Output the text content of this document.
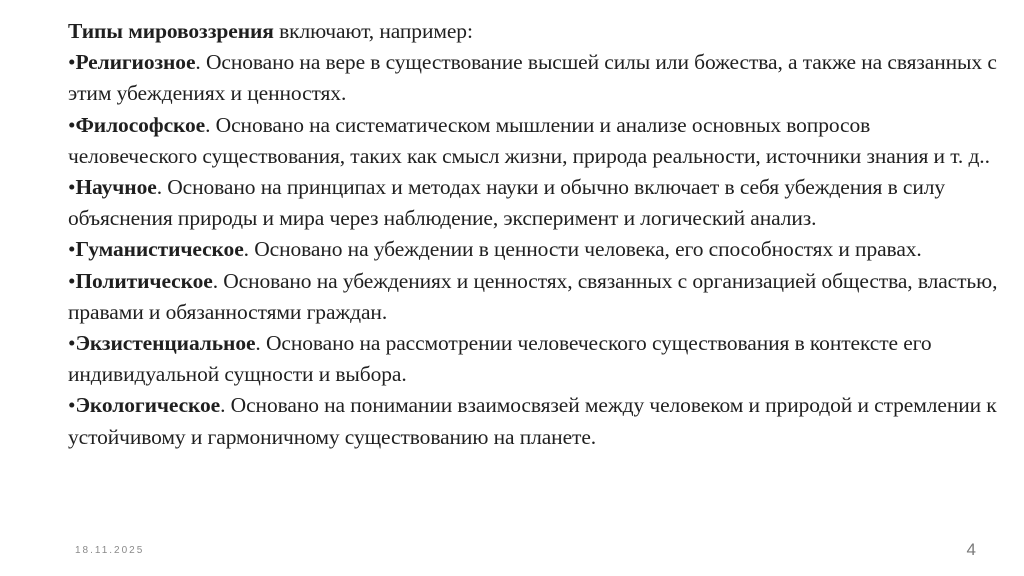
Типы мировоззрения включают, например:

•Религиозное. Основано на вере в существование высшей силы или божества, а также на связанных с этим убеждениях и ценностях.

•Философское. Основано на систематическом мышлении и анализе основных вопросов человеческого существования, таких как смысл жизни, природа реальности, источники знания и т. д..

•Научное. Основано на принципах и методах науки и обычно включает в себя убеждения в силу объяснения природы и мира через наблюдение, эксперимент и логический анализ.

•Гуманистическое. Основано на убеждении в ценности человека, его способностях и правах.

•Политическое. Основано на убеждениях и ценностях, связанных с организацией общества, властью, правами и обязанностями граждан.

•Экзистенциальное. Основано на рассмотрении человеческого существования в контексте его индивидуальной сущности и выбора.

•Экологическое. Основано на понимании взаимосвязей между человеком и природой и стремлении к устойчивому и гармоничному существованию на планете.

18.11.2025	4
